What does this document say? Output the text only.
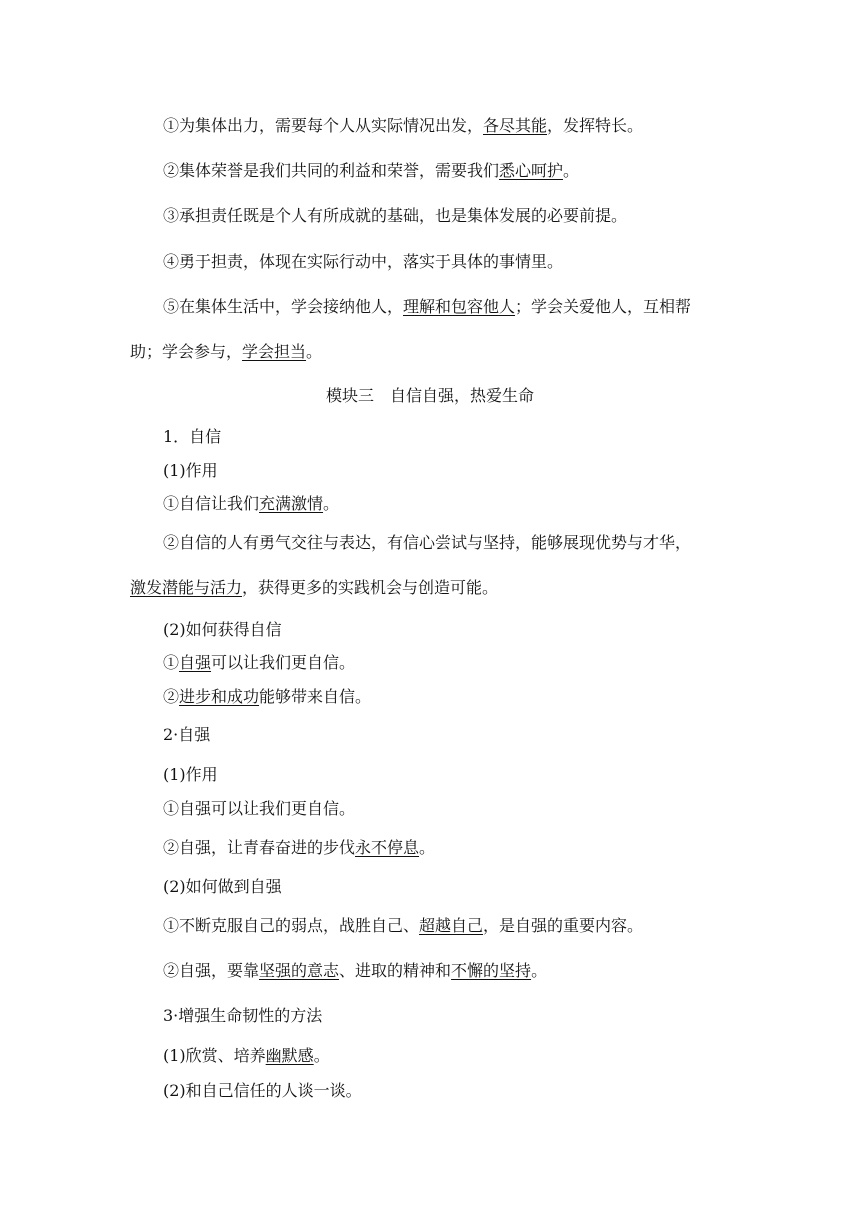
①为集体出力，需要每个人从实际情况出发，各尽其能，发挥特长。
②集体荣誉是我们共同的利益和荣誉，需要我们悉心呵护。
③承担责任既是个人有所成就的基础，也是集体发展的必要前提。
④勇于担责，体现在实际行动中，落实于具体的事情里。
⑤在集体生活中，学会接纳他人，理解和包容他人；学会关爱他人，互相帮
助；学会参与，学会担当。
模块三　自信自强，热爱生命
1．自信
(1)作用
①自信让我们充满激情。
②自信的人有勇气交往与表达，有信心尝试与坚持，能够展现优势与才华，
激发潜能与活力，获得更多的实践机会与创造可能。
(2)如何获得自信
①自强可以让我们更自信。
②进步和成功能够带来自信。
2·自强
(1)作用
①自强可以让我们更自信。
②自强，让青春奋进的步伐永不停息。
(2)如何做到自强
①不断克服自己的弱点，战胜自己、超越自己，是自强的重要内容。
②自强，要靠坚强的意志、进取的精神和不懈的坚持。
3·增强生命韧性的方法
(1)欣赏、培养幽默感。
(2)和自己信任的人谈一谈。
